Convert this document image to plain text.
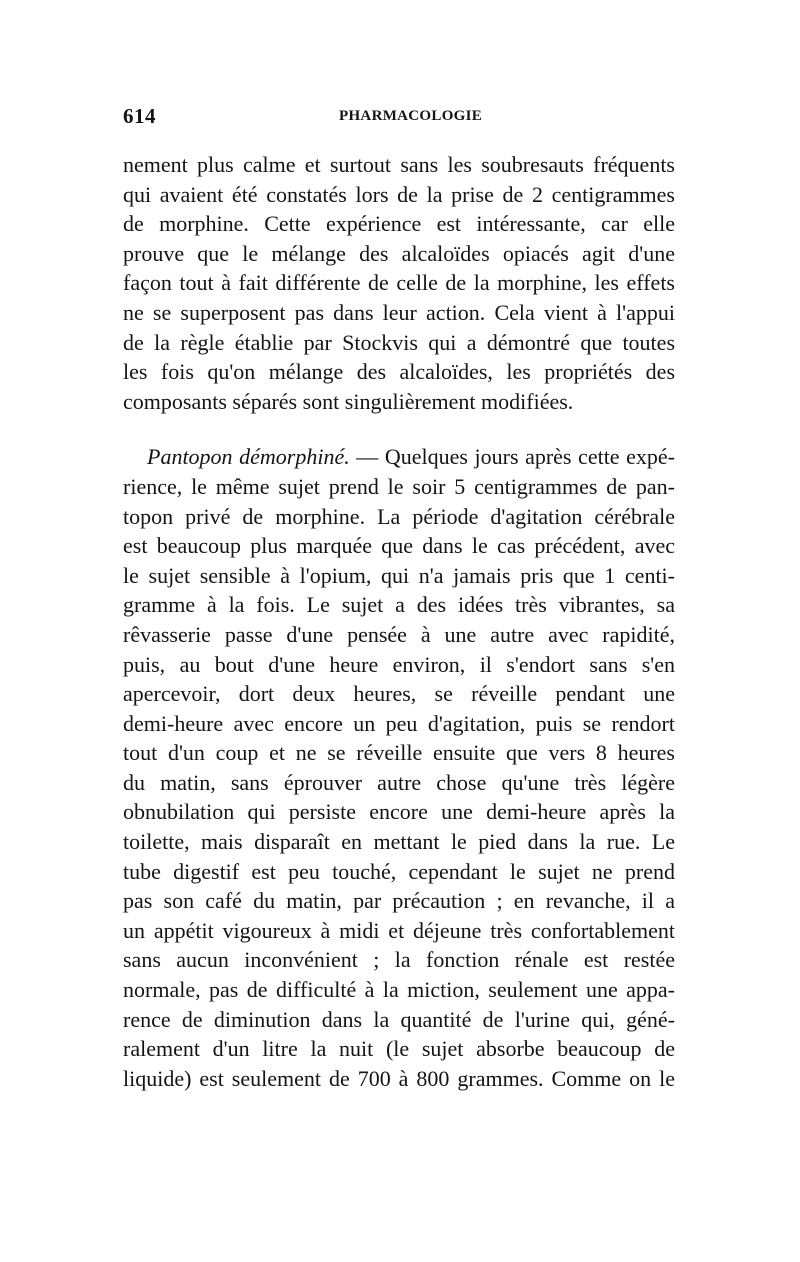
614	PHARMACOLOGIE
nement plus calme et surtout sans les soubresauts fréquents
qui avaient été constatés lors de la prise de 2 centigrammes
de morphine. Cette expérience est intéressante, car elle
prouve que le mélange des alcaloïdes opiacés agit d'une
façon tout à fait différente de celle de la morphine, les effets
ne se superposent pas dans leur action. Cela vient à l'appui
de la règle établie par Stockvis qui a démontré que toutes
les fois qu'on mélange des alcaloïdes, les propriétés des
composants séparés sont singulièrement modifiées.
Pantopon démorphiné. — Quelques jours après cette expé-
rience, le même sujet prend le soir 5 centigrammes de pan-
topon privé de morphine. La période d'agitation cérébrale
est beaucoup plus marquée que dans le cas précédent, avec
le sujet sensible à l'opium, qui n'a jamais pris que 1 centi-
gramme à la fois. Le sujet a des idées très vibrantes, sa
rêvasserie passe d'une pensée à une autre avec rapidité,
puis, au bout d'une heure environ, il s'endort sans s'en
apercevoir, dort deux heures, se réveille pendant une
demi-heure avec encore un peu d'agitation, puis se rendort
tout d'un coup et ne se réveille ensuite que vers 8 heures
du matin, sans éprouver autre chose qu'une très légère
obnubilation qui persiste encore une demi-heure après la
toilette, mais disparaît en mettant le pied dans la rue. Le
tube digestif est peu touché, cependant le sujet ne prend
pas son café du matin, par précaution ; en revanche, il a
un appétit vigoureux à midi et déjeune très confortablement
sans aucun inconvénient ; la fonction rénale est restée
normale, pas de difficulté à la miction, seulement une appa-
rence de diminution dans la quantité de l'urine qui, géné-
ralement d'un litre la nuit (le sujet absorbe beaucoup de
liquide) est seulement de 700 à 800 grammes. Comme on le
